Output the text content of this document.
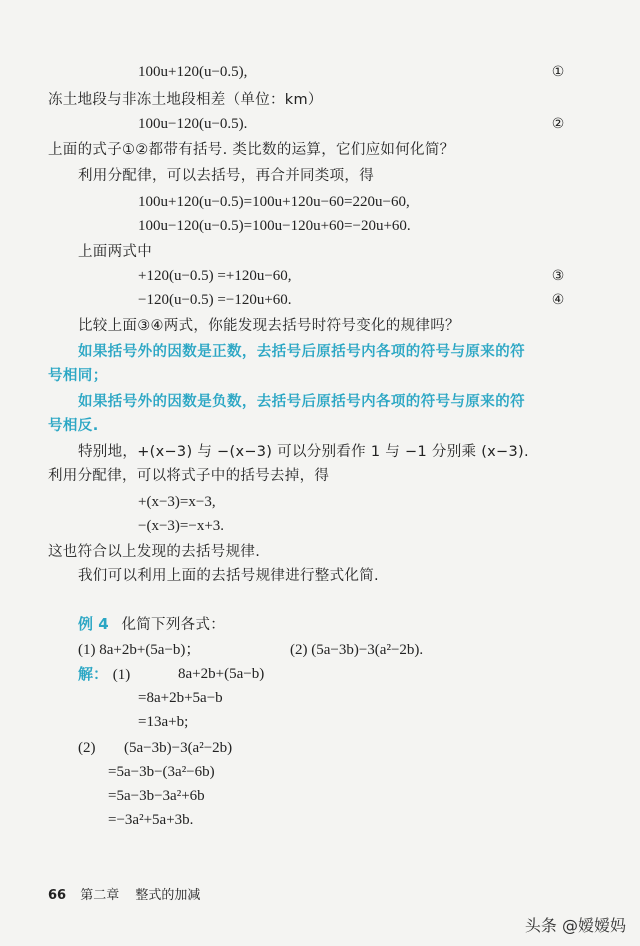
100u+120(u−0.5),	①
冻土地段与非冻土地段相差（单位：km）
100u−120(u−0.5).	②
上面的式子①②都带有括号. 类比数的运算，它们应如何化简？
利用分配律，可以去括号，再合并同类项，得
100u+120(u−0.5)=100u+120u−60=220u−60,
100u−120(u−0.5)=100u−120u+60=−20u+60.
上面两式中
+120(u−0.5) =+120u−60,	③
−120(u−0.5) =−120u+60.	④
比较上面③④两式，你能发现去括号时符号变化的规律吗？
如果括号外的因数是正数，去括号后原括号内各项的符号与原来的符
号相同；
如果括号外的因数是负数，去括号后原括号内各项的符号与原来的符
号相反.
特别地，+(x−3) 与 −(x−3) 可以分别看作 1 与 −1 分别乘 (x−3).
利用分配律，可以将式子中的括号去掉，得
+(x−3)=x−3,
−(x−3)=−x+3.
这也符合以上发现的去括号规律.
我们可以利用上面的去括号规律进行整式化简.
例 4 化简下列各式：
(1) 8a+2b+(5a−b)；	(2) (5a−3b)−3(a²−2b).
解： (1)	8a+2b+(5a−b)
=8a+2b+5a−b
=13a+b;
(2) (5a−3b)−3(a²−2b)
=5a−3b−(3a²−6b)
=5a−3b−3a²+6b
=−3a²+5a+3b.
66 第二章 整式的加减
头条 @嫒嫒妈
